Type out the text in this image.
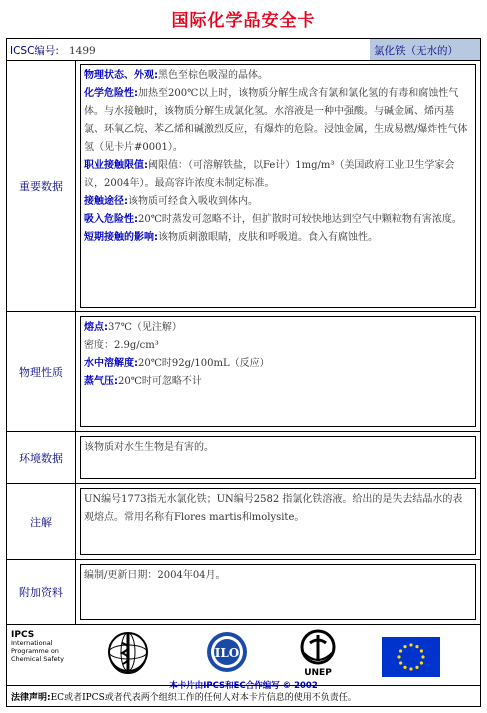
国际化学品安全卡
ICSC编号: 1499	氯化铁（无水的）
重要数据
物理状态、外观:黑色至棕色吸湿的晶体。
化学危险性:加热至200℃以上时，该物质分解生成含有氯和氯化氢的有毒和腐蚀性气体。与水接触时，该物质分解生成氯化氢。水溶液是一种中强酸。与碱金属、烯丙基氯、环氧乙烷、苯乙烯和碱激烈反应，有爆炸的危险。浸蚀金属，生成易燃/爆炸性气体氢（见卡片#0001）。
职业接触限值:阈限值：（可溶解铁盐，以Fe计）1mg/m³（美国政府工业卫生学家会议，2004年）。最高容许浓度未制定标准。
接触途径:该物质可经食入吸收到体内。
吸入危险性:20℃时蒸发可忽略不计，但扩散时可较快地达到空气中颗粒物有害浓度。
短期接触的影响:该物质刺激眼睛，皮肤和呼吸道。食入有腐蚀性。
物理性质
熔点:37℃（见注解）
密度：2.9g/cm³
水中溶解度:20℃时92g/100mL（反应）
蒸气压:20℃时可忽略不计
环境数据
该物质对水生生物是有害的。
注解
UN编号1773指无水氯化铁；UN编号2582 指氯化铁溶液。给出的是失去结晶水的表观熔点。常用名称有Flores martis和molysite。
附加资料
编制/更新日期：2004年04月。
IPCS
International
Programme on
Chemical Safety	ILO
UNEP
本卡片由IPCS和EC合作编写 © 2002
法律声明:EC或者IPCS或者代表两个组织工作的任何人对本卡片信息的使用不负责任。
